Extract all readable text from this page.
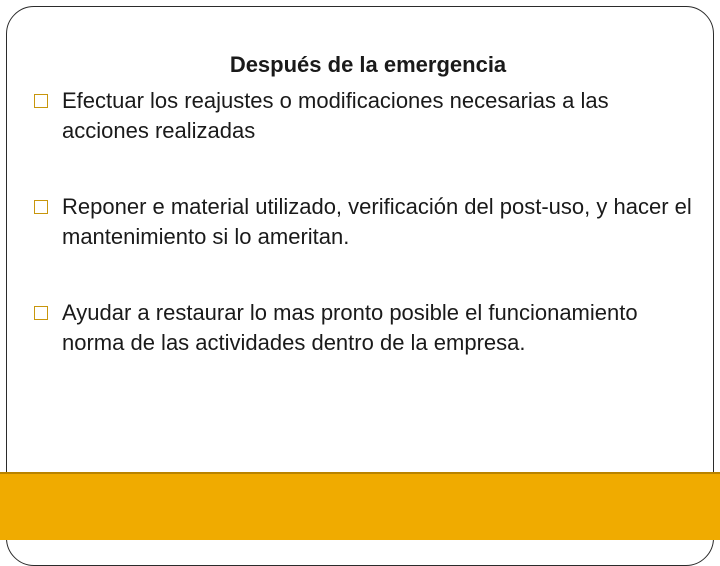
Después de la emergencia
Efectuar los reajustes o modificaciones necesarias a las acciones realizadas
Reponer e material utilizado, verificación del post-uso, y hacer el mantenimiento si lo ameritan.
Ayudar a restaurar lo mas pronto posible el funcionamiento norma de las actividades dentro de la empresa.
